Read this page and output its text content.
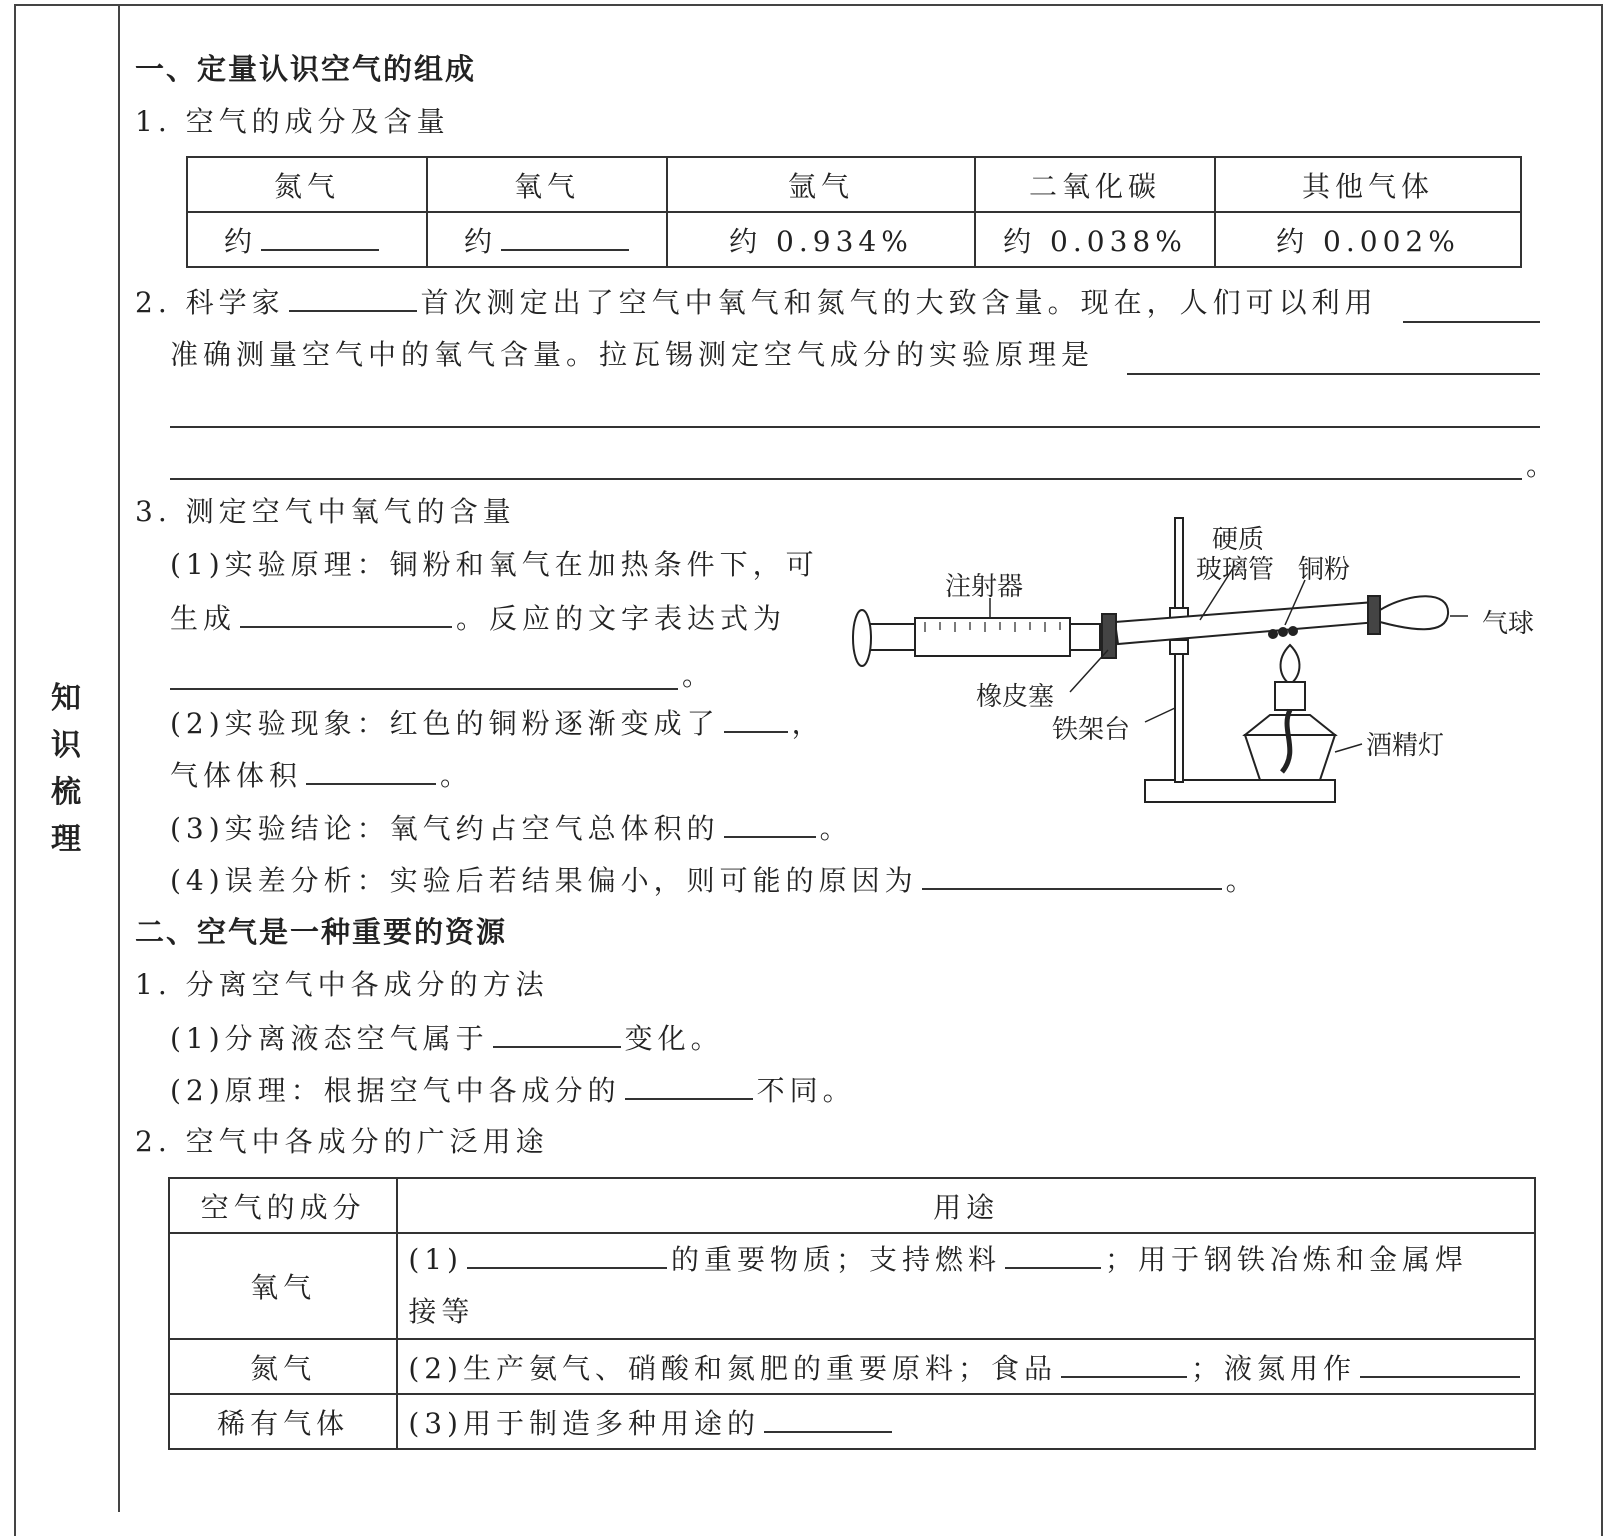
知
识
梳
理
一、定量认识空气的组成
1. 空气的成分及含量
氮气	氧气	氩气	二氧化碳	其他气体
约	约	约 0.934%	约 0.038%	约 0.002%
2. 科学家	首次测定出了空气中氧气和氮气的大致含量。现在，人们可以利用
准确测量空气中的氧气含量。拉瓦锡测定空气成分的实验原理是
。
3. 测定空气中氧气的含量
(1)实验原理：铜粉和氧气在加热条件下，可
生成	。反应的文字表达式为
。
(2)实验现象：红色的铜粉逐渐变成了	，
气体体积	。
(3)实验结论：氧气约占空气总体积的	。
(4)误差分析：实验后若结果偏小，则可能的原因为	。
注射器
硬质
玻璃管 铜粉
气球
橡皮塞
铁架台
酒精灯
二、空气是一种重要的资源
1. 分离空气中各成分的方法
(1)分离液态空气属于	变化。
(2)原理：根据空气中各成分的	不同。
2. 空气中各成分的广泛用途
空气的成分	用途
氧气	(1) 的重要物质；支持燃料 ；用于钢铁冶炼和金属焊
接等
氮气	(2)生产氨气、硝酸和氮肥的重要原料；食品 ；液氮用作
稀有气体	(3)用于制造多种用途的
